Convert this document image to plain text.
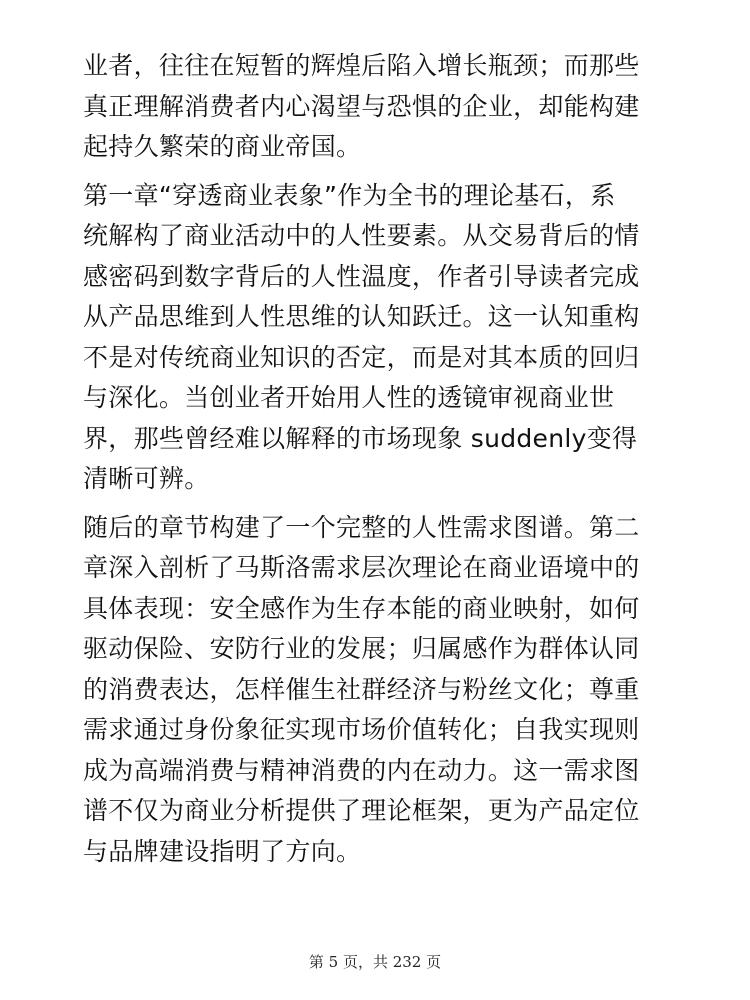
业者，往往在短暂的辉煌后陷入增长瓶颈；而那些
真正理解消费者内心渴望与恐惧的企业，却能构建
起持久繁荣的商业帝国。
第一章“穿透商业表象”作为全书的理论基石，系
统解构了商业活动中的人性要素。从交易背后的情
感密码到数字背后的人性温度，作者引导读者完成
从产品思维到人性思维的认知跃迁。这一认知重构
不是对传统商业知识的否定，而是对其本质的回归
与深化。当创业者开始用人性的透镜审视商业世
界，那些曾经难以解释的市场现象 suddenly变得
清晰可辨。
随后的章节构建了一个完整的人性需求图谱。第二
章深入剖析了马斯洛需求层次理论在商业语境中的
具体表现：安全感作为生存本能的商业映射，如何
驱动保险、安防行业的发展；归属感作为群体认同
的消费表达，怎样催生社群经济与粉丝文化；尊重
需求通过身份象征实现市场价值转化；自我实现则
成为高端消费与精神消费的内在动力。这一需求图
谱不仅为商业分析提供了理论框架，更为产品定位
与品牌建设指明了方向。
第 5 页，共 232 页
